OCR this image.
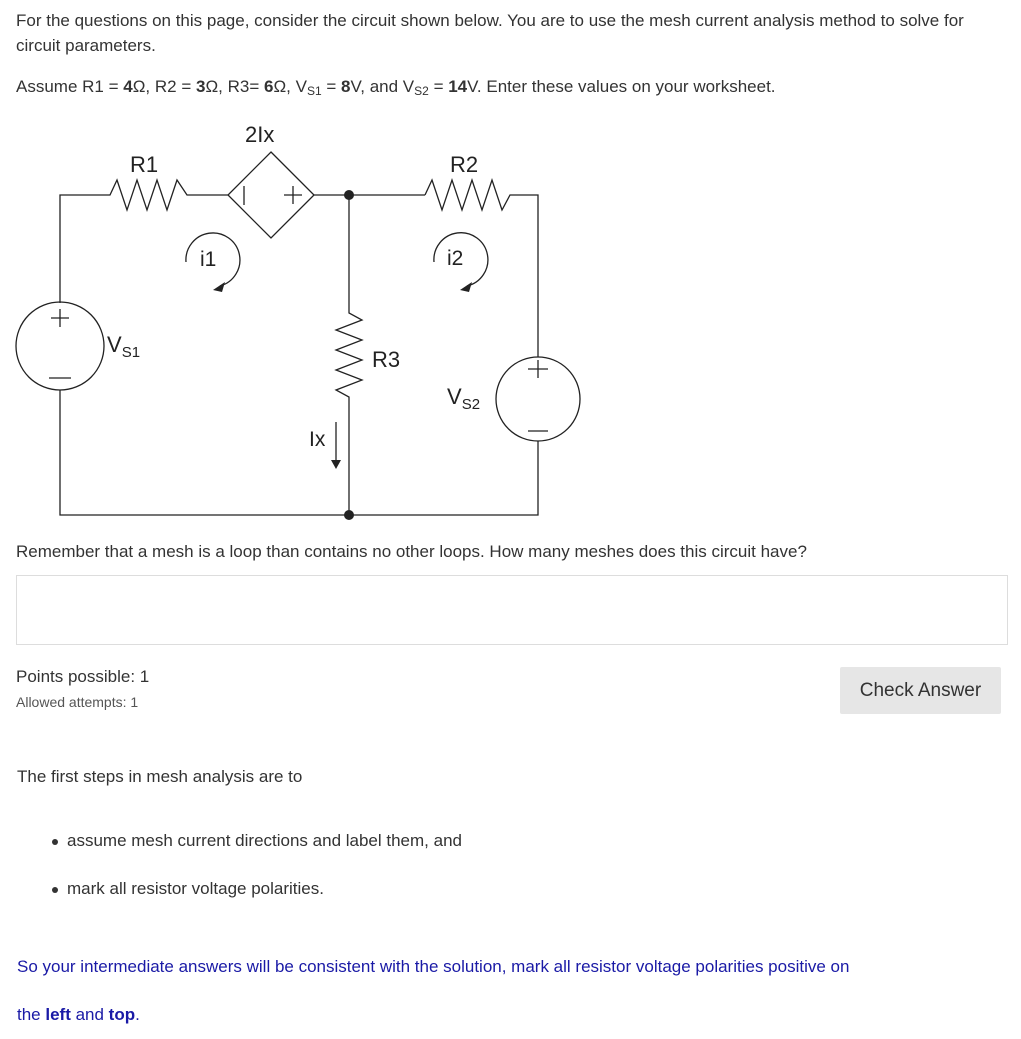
For the questions on this page, consider the circuit shown below. You are to use the mesh current analysis method to solve for circuit parameters.
Assume R1 = 4Ω, R2 = 3Ω, R3= 6Ω, $V_{S1} = 8V$, and $V_{S2} = 14V$. Enter these values on your worksheet.
2Ix
R1	R2
R3
i1	i2
Ix
$V_{S1}$
$V_{S2}$
Remember that a mesh is a loop than contains no other loops. How many meshes does this circuit have?
Points possible: 1
Allowed attempts: 1
Check Answer
The first steps in mesh analysis are to
assume mesh current directions and label them, and
mark all resistor voltage polarities.
So your intermediate answers will be consistent with the solution, mark all resistor voltage polarities positive on
the left and top.
